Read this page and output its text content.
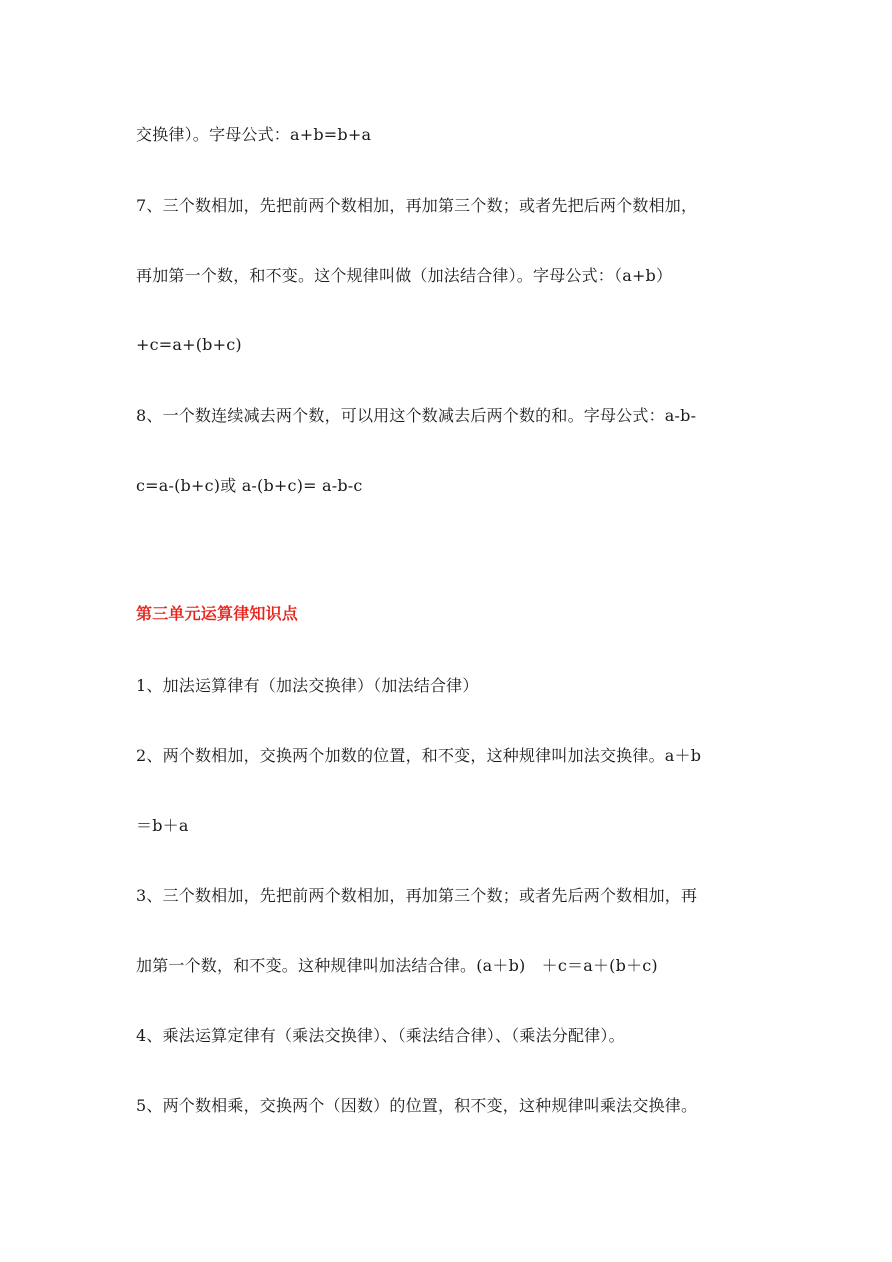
交换律）。字母公式：a+b=b+a
7、三个数相加，先把前两个数相加，再加第三个数；或者先把后两个数相加，
再加第一个数，和不变。这个规律叫做（加法结合律）。字母公式：（a+b）
+c=a+(b+c)
8、一个数连续减去两个数，可以用这个数减去后两个数的和。字母公式：a-b-
c=a-(b+c)或 a-(b+c)= a-b-c
第三单元运算律知识点
1、加法运算律有（加法交换律）（加法结合律）
2、两个数相加，交换两个加数的位置，和不变，这种规律叫加法交换律。a＋b
＝b＋a
3、三个数相加，先把前两个数相加，再加第三个数；或者先后两个数相加，再
加第一个数，和不变。这种规律叫加法结合律。(a＋b)　＋c＝a＋(b＋c)
4、乘法运算定律有（乘法交换律）、（乘法结合律）、（乘法分配律）。
5、两个数相乘，交换两个（因数）的位置，积不变，这种规律叫乘法交换律。
